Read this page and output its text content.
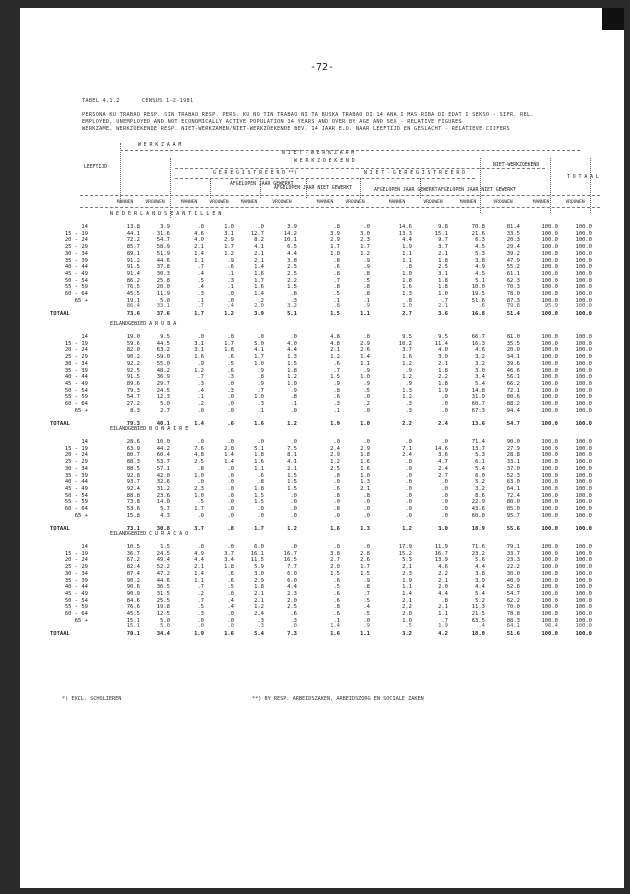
-72-
TABEL 4.1.2	CENSUS 1-2-1981
PERSONA KU TRABAO RESP. SIN TRABAO RESP. PERS. KU NO TIN TRABAO NI TA BUSKA TRABAO DI 14 ANA I MAS RIBA DI EDAT I SEKSO - SIFR. REL.
EMPLOYED, UNEMPLOYED AND NOT ECONOMICALLY ACTIVE POPULATION 14 YEARS AND OVER BY AGE AND SEX - RELATIVE FIGURES
WERKZAME, WERKZOEKENDE RESP. NIET-WERKZAMEN/NIET-WERKZOEKENDE BEV. 14 JAAR E.O. NAAR LEEFTIJD EN GESLACHT - RELATIEVE CIJFERS
W E R K Z A A M
N I E T - W E R K Z A A M
LEEFTIJD
W E R K Z O E K E N D
G E R E G I S T R E E R D **)	N I E T - G E R E G I S T R E E R D
NIET-WERKZOEKEND
T O T A A L
AFGELOPEN JAAR GEWERKT
AFGELOPEN JAAR NIET GEWERKT	AFGELOPEN JAAR GEWERKT AFGELOPEN JAAR NIET GEWERKT
MANNEN	VROUWEN	MANNEN	VROUWEN	MANNEN	VROUWEN	MANNEN	VROUWEN	MANNEN	VROUWEN	MANNEN	VROUWEN	MANNEN	VROUWEN
N E D E R L A N D S E A N T I L L E N
14	13.8	3.9	.0	1.0	.0	3.9	.8	.0	14.6	9.8	70.8	81.4	100.0	100.0
15 - 19	44.1	31.6	4.6	3.1	12.7	14.2	3.9	3.0	13.3	15.1	21.6	33.5	100.0	100.0
20 - 24	72.2	54.7	4.0	2.9	8.2	10.1	2.9	2.3	4.4	9.7	6.3	20.3	100.0	100.0
25 - 29	85.7	58.9	2.1	1.7	4.1	6.5	1.7	1.7	1.9	3.7	4.5	29.4	100.0	100.0
30 - 34	89.1	51.9	1.4	1.2	2.1	4.4	1.0	1.2	1.1	2.1	5.3	39.2	100.0	100.0
35 - 39	91.2	44.6	1.1	.9	2.1	3.8	.8	.9	1.1	1.8	3.8	47.9	100.0	100.0
40 - 44	91.5	37.8	.7	.6	1.4	2.5	.6	.9	.8	2.5	4.9	55.2	100.0	100.0
45 - 49	91.4	30.3	.4	.1	1.6	2.5	.8	.8	1.0	3.1	4.5	61.1	100.0	100.0
50 - 54	86.2	25.8	.5	.3	1.7	2.2	.7	.5	1.8	1.8	5.1	62.3	100.0	100.0
55 - 59	76.5	20.0	.4	.1	1.6	1.5	.8	.8	1.6	1.8	10.0	70.3	100.0	100.0
60 - 64	45.5	11.9	.3	.0	1.4	.8	.5	.8	1.3	1.0	19.5	78.0	100.0	100.0
65 +	19.1	5.0	.1	.0	.2	.3	.1	.1	.8	.7	51.6	87.3	100.0	100.0
TOTAAL	73.6	37.6	1.7	1.2	3.9	5.1	1.5	1.1	2.7	3.6	16.8	51.4	100.0	100.0
86.4	33.1	.7	.4	2.0	3.2	.8	.9	1.0	2.1	.6	79.8	95.9	100.0
EILANDGEBIED A R U B A
14	19.0	9.5	.0	.0	.0	.0	4.8	.0	9.5	9.5	66.7	81.0	100.0	100.0
15 - 19	59.6	44.5	3.1	1.7	5.0	4.0	4.8	2.9	10.2	11.4	16.3	35.5	100.0	100.0
20 - 24	82.0	63.2	3.1	1.8	4.1	4.4	2.1	2.6	3.7	4.0	4.6	20.0	100.0	100.0
25 - 29	90.2	59.0	1.6	.6	1.7	1.3	1.2	1.4	1.6	3.0	3.2	34.1	100.0	100.0
30 - 34	92.2	55.0	.9	.5	1.0	1.5	.6	1.1	1.2	2.1	3.2	39.6	100.0	100.0
35 - 39	92.5	48.2	1.2	.6	.9	1.8	.7	.9	.9	1.8	3.0	46.6	100.0	100.0
40 - 44	91.5	36.9	.7	.3	.8	1.2	1.5	1.0	1.2	2.2	3.4	56.1	100.0	100.0
45 - 49	89.6	29.7	.3	.0	.9	1.0	.9	.9	.9	1.8	5.4	66.2	100.0	100.0
50 - 54	79.3	24.5	.4	.3	.7	.9	.8	.5	1.3	1.9	14.8	72.1	100.0	100.0
55 - 59	54.7	12.3	.1	.0	1.0	.8	.6	.0	1.2	.9	31.9	80.6	100.0	100.0
60 - 64	27.2	5.0	.2	.0	.3	.1	.3	.2	.3	.0	60.7	88.2	100.0	100.0
65 +	8.3	2.7	.0	.0	.1	.0	.1	.0	.3	.0	67.3	94.4	100.0	100.0
TOTAAL	79.3	40.1	1.4	.6	1.6	1.2	1.9	1.0	2.2	2.4	13.6	54.7	100.0	100.0
EILANDGEBIED B O N A I R E
14	28.6	10.0	.0	.0	.0	.0	.0	.0	.0	.0	71.4	90.0	100.0	100.0
15 - 19	63.9	44.2	7.6	2.0	5.1	7.5	2.4	2.9	7.1	14.6	13.7	27.9	100.0	100.0
20 - 24	80.7	60.4	4.8	1.4	1.8	8.1	2.9	1.8	2.4	3.6	5.3	28.8	100.0	100.0
25 - 29	88.3	53.7	2.5	1.4	1.6	4.1	1.2	1.6	.0	4.7	6.1	33.1	100.0	100.0
30 - 34	88.5	57.1	.8	.0	1.1	2.1	2.5	1.6	.0	2.4	5.4	37.0	100.0	100.0
35 - 39	92.8	42.0	1.0	.0	.6	1.5	.8	1.0	.0	2.7	6.0	52.3	100.0	100.0
40 - 44	93.7	32.6	.0	.0	.8	1.5	.0	1.3	.0	.0	5.2	63.0	100.0	100.0
45 - 49	92.4	31.2	2.3	.0	1.8	1.5	.6	2.1	.0	.0	3.2	64.1	100.0	100.0
50 - 54	88.8	23.6	1.0	.0	1.5	.0	.8	.8	.0	.0	8.6	72.4	100.0	100.0
55 - 59	73.8	14.0	.5	.0	1.5	.0	.0	.0	.0	.0	22.9	80.0	100.0	100.0
60 - 64	53.6	5.7	1.7	.0	.0	.0	.8	.0	.0	.0	43.6	85.0	100.0	100.0
65 +	15.8	4.3	.0	.0	.0	.0	.0	.0	.0	.0	60.0	95.7	100.0	100.0
TOTAAL	73.1	30.8	3.7	.8	1.7	1.2	1.6	1.3	1.2	3.0	18.9	55.6	100.0	100.0
EILANDGEBIED C U R A C A O
14	10.5	1.5	.0	.0	6.0	.0	.0	.0	17.9	11.9	71.6	79.1	100.0	100.0
15 - 19	36.7	24.5	4.9	3.7	16.1	16.7	3.8	2.8	15.2	16.7	23.2	33.7	100.0	100.0
20 - 24	67.2	49.4	4.4	3.4	11.5	16.5	2.7	2.6	5.3	13.9	5.6	23.3	100.0	100.0
25 - 29	82.4	52.2	2.1	1.8	5.9	7.7	2.0	1.7	2.1	4.6	4.4	22.2	100.0	100.0
30 - 34	87.4	47.2	1.4	.6	3.0	6.0	1.5	1.5	2.3	2.2	3.8	30.0	100.0	100.0
35 - 39	90.2	44.6	1.1	.6	2.9	6.0	.6	.9	1.9	2.1	3.9	40.9	100.0	100.0
40 - 44	90.6	36.5	.7	.5	1.8	4.4	.5	.8	1.1	2.0	4.4	52.8	100.0	100.0
45 - 49	90.9	31.5	.2	.0	2.1	2.3	.6	.7	1.4	4.4	5.4	54.7	100.0	100.0
50 - 54	84.6	25.5	.7	.4	2.1	2.0	.6	.5	2.1	.8	5.2	62.2	100.0	100.0
55 - 59	76.6	19.8	.5	.4	1.2	2.5	.8	.4	2.2	2.1	11.3	70.0	100.0	100.0
60 - 64	45.5	12.5	.3	.0	2.4	.6	.6	.5	2.0	1.1	21.5	78.8	100.0	100.0
65 +	15.1	5.0	.0	.0	.3	.3	.1	.0	1.0	.7	63.5	88.3	100.0	100.0
TOTAAL	70.1	34.4	1.9	1.6	5.4	7.3	1.6	1.1	3.2	4.2	18.0	51.6	100.0	100.0
15.1	5.0	.0	.0	.3	.0	1.4	.9	.5	1.9	.4	64.1	96.4	100.0
*) EXCL. SCHOLIEREN	**) BY RESP. ARBEIDSZAKEN, ARBEIDSZORG EN SOCIALE ZAKEN
